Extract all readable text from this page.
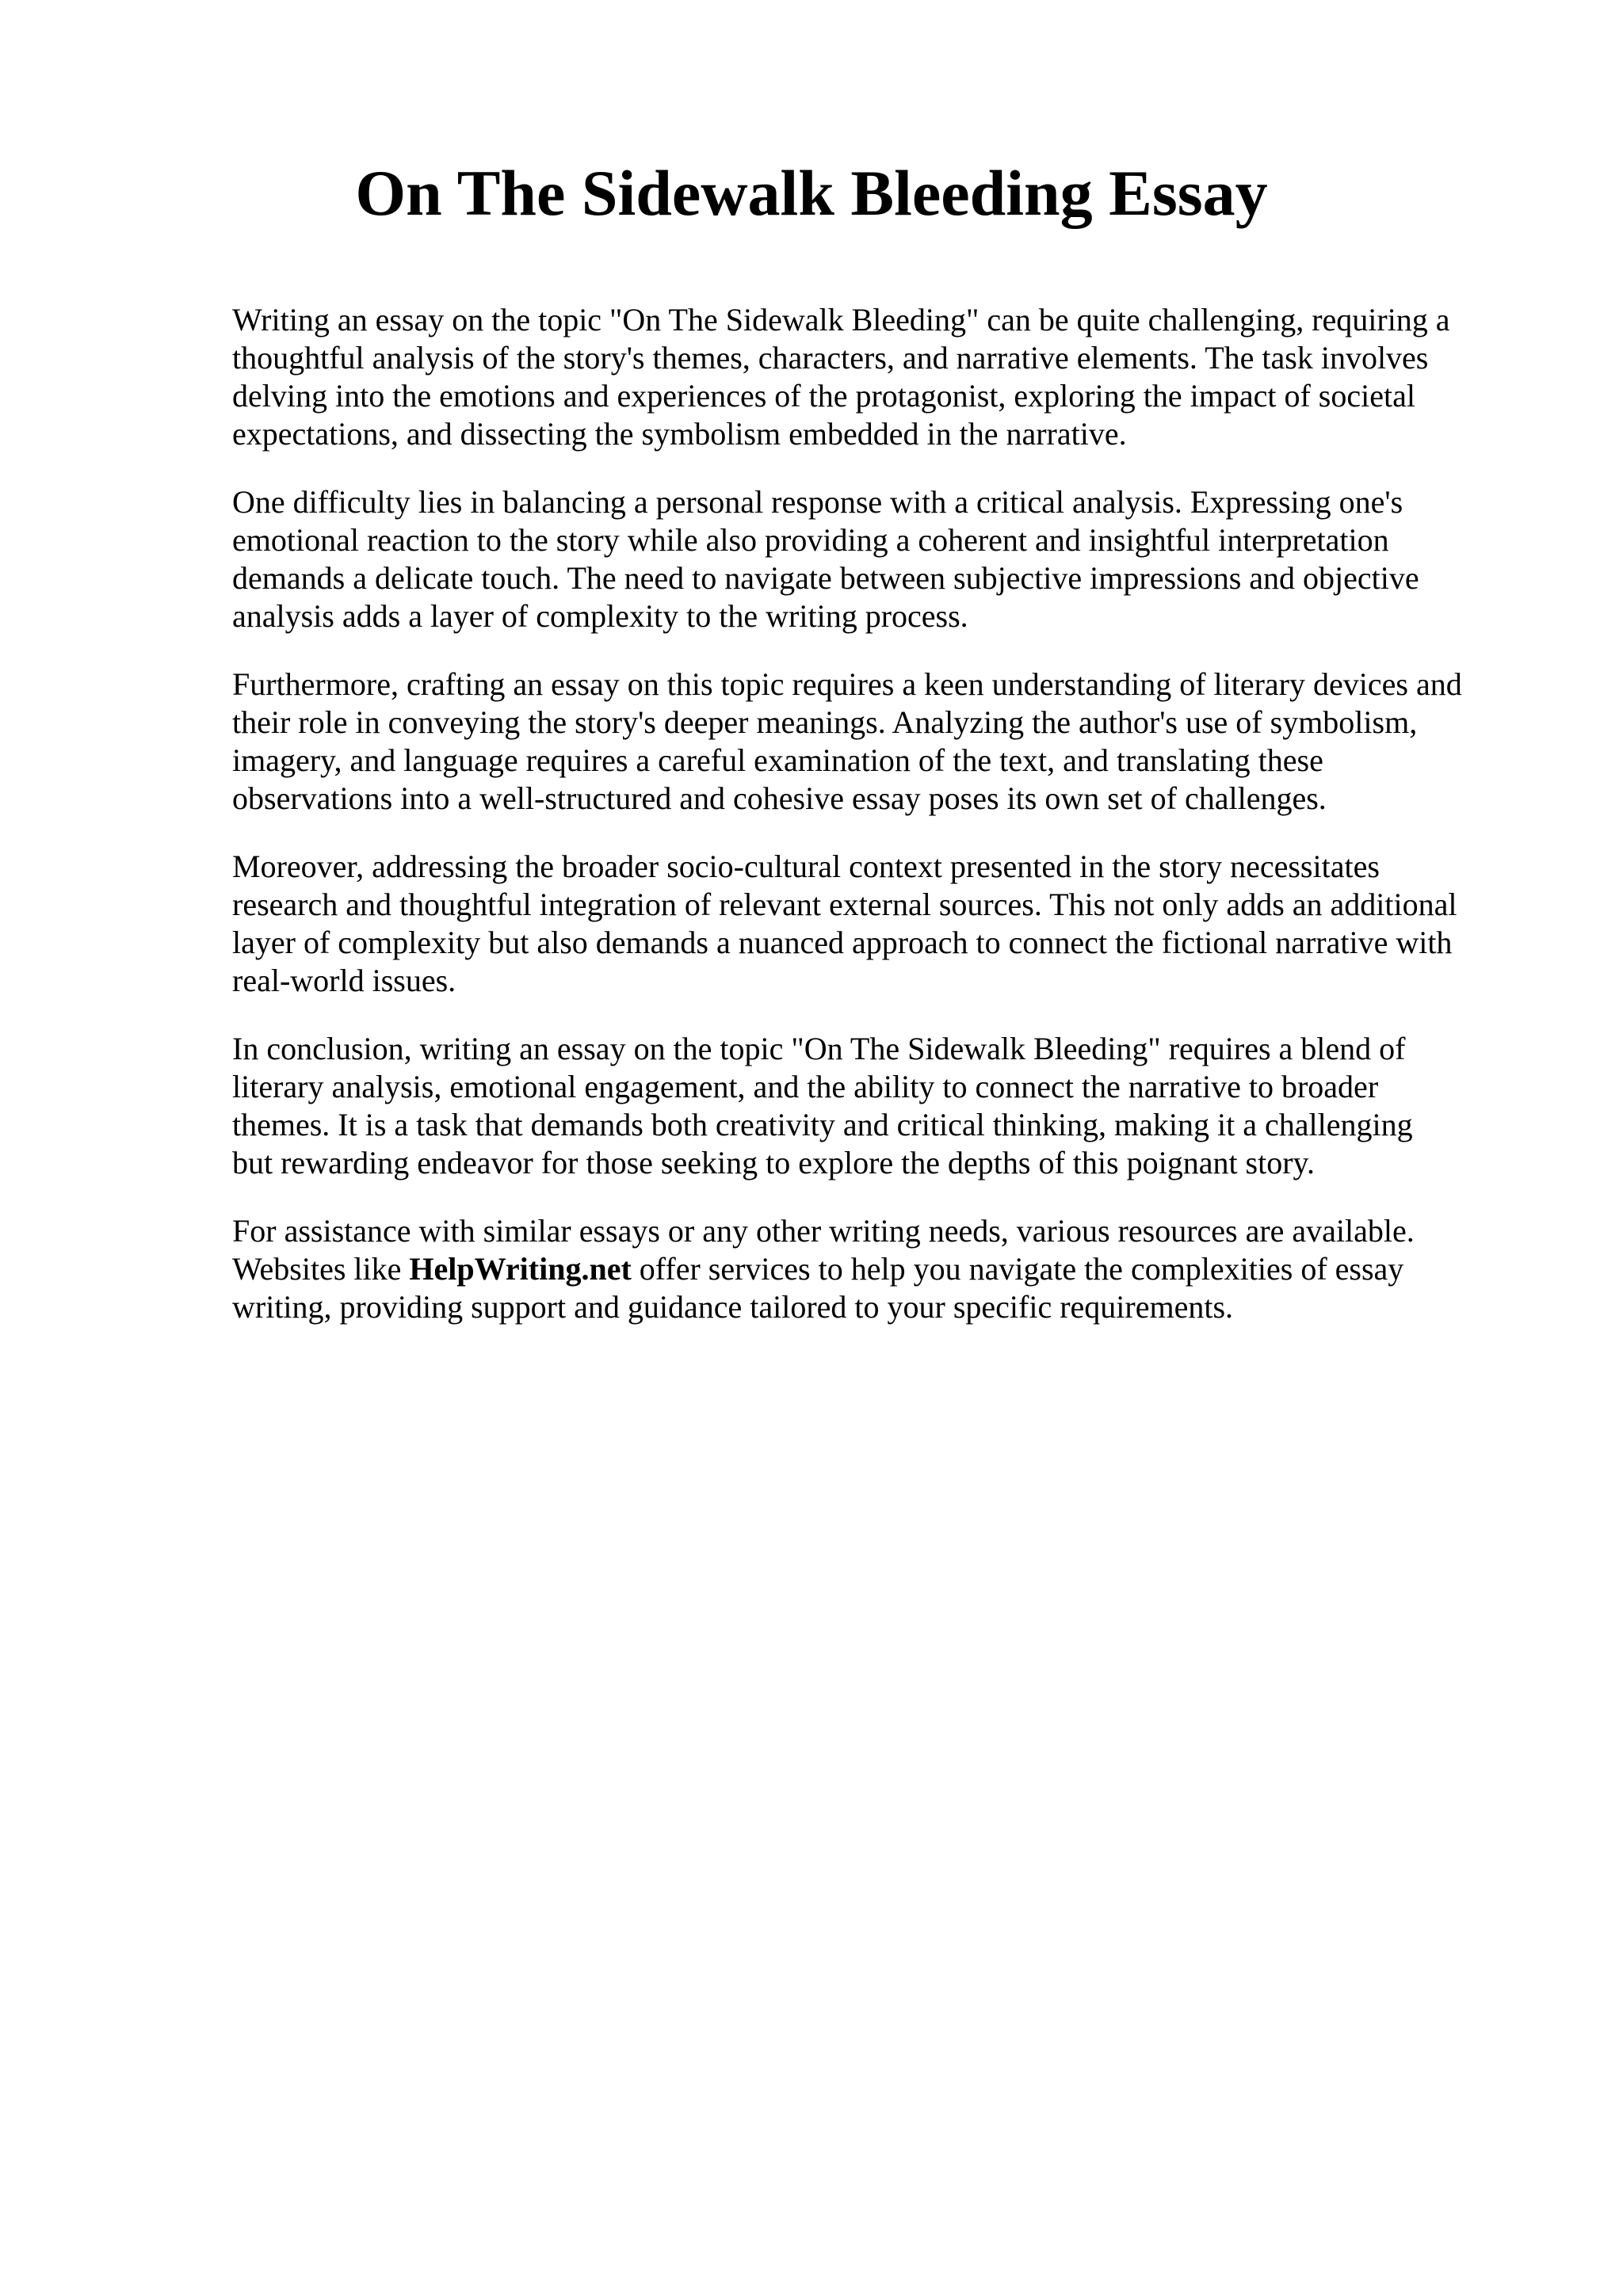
On The Sidewalk Bleeding Essay

Writing an essay on the topic "On The Sidewalk Bleeding" can be quite challenging, requiring a
thoughtful analysis of the story's themes, characters, and narrative elements. The task involves
delving into the emotions and experiences of the protagonist, exploring the impact of societal
expectations, and dissecting the symbolism embedded in the narrative.

One difficulty lies in balancing a personal response with a critical analysis. Expressing one's
emotional reaction to the story while also providing a coherent and insightful interpretation
demands a delicate touch. The need to navigate between subjective impressions and objective
analysis adds a layer of complexity to the writing process.

Furthermore, crafting an essay on this topic requires a keen understanding of literary devices and
their role in conveying the story's deeper meanings. Analyzing the author's use of symbolism,
imagery, and language requires a careful examination of the text, and translating these
observations into a well-structured and cohesive essay poses its own set of challenges.

Moreover, addressing the broader socio-cultural context presented in the story necessitates
research and thoughtful integration of relevant external sources. This not only adds an additional
layer of complexity but also demands a nuanced approach to connect the fictional narrative with
real-world issues.

In conclusion, writing an essay on the topic "On The Sidewalk Bleeding" requires a blend of
literary analysis, emotional engagement, and the ability to connect the narrative to broader
themes. It is a task that demands both creativity and critical thinking, making it a challenging
but rewarding endeavor for those seeking to explore the depths of this poignant story.

For assistance with similar essays or any other writing needs, various resources are available.
Websites like HelpWriting.net offer services to help you navigate the complexities of essay
writing, providing support and guidance tailored to your specific requirements.
